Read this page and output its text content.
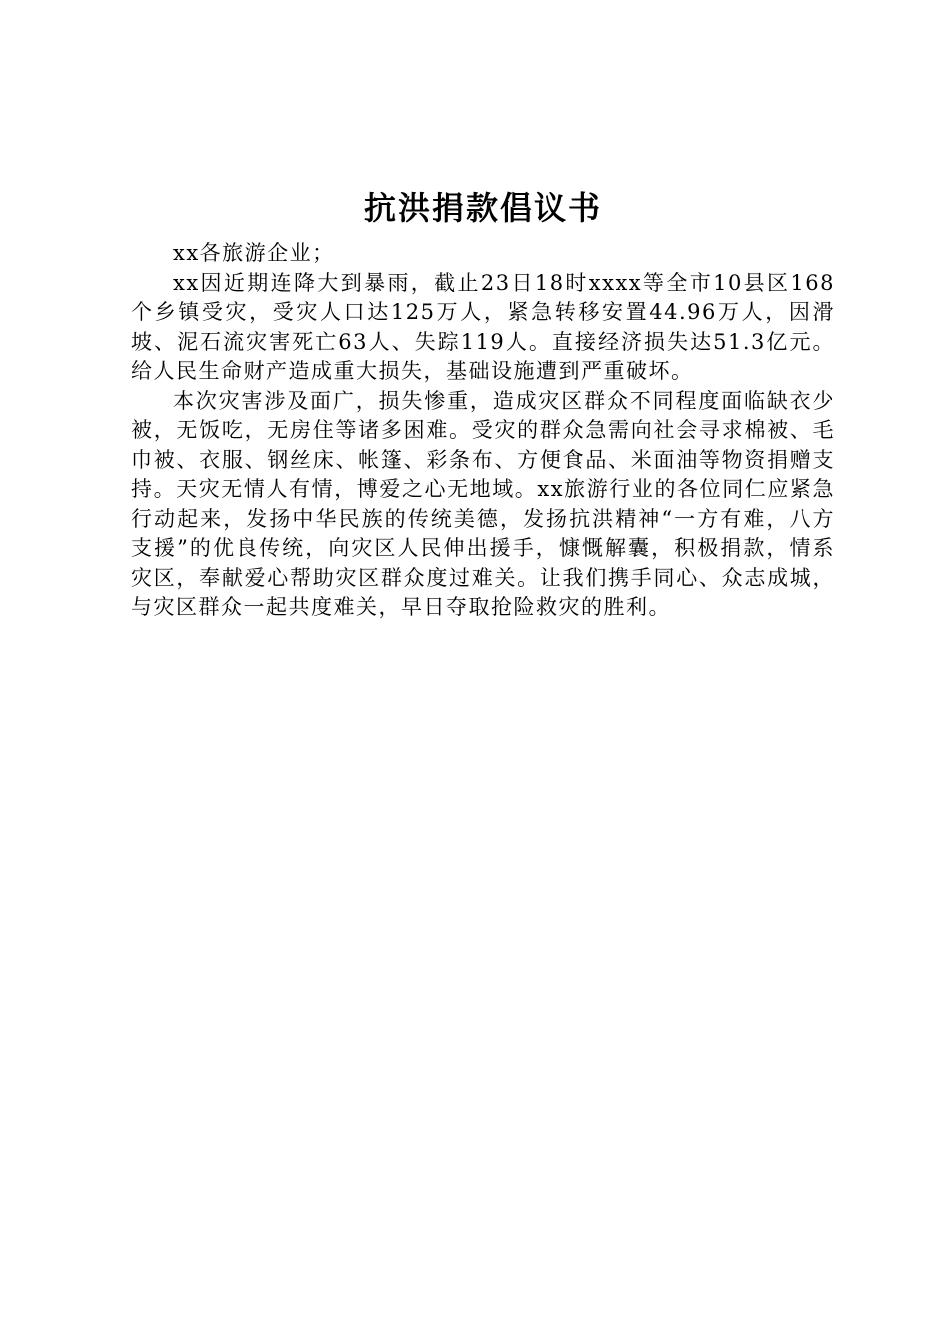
抗洪捐款倡议书

xx各旅游企业；

xx因近期连降大到暴雨，截止23日18时xxxx等全市10县区168个乡镇受灾，受灾人口达125万人，紧急转移安置44.96万人，因滑坡、泥石流灾害死亡63人、失踪119人。直接经济损失达51.3亿元。给人民生命财产造成重大损失，基础设施遭到严重破坏。

本次灾害涉及面广，损失惨重，造成灾区群众不同程度面临缺衣少被，无饭吃，无房住等诸多困难。受灾的群众急需向社会寻求棉被、毛巾被、衣服、钢丝床、帐篷、彩条布、方便食品、米面油等物资捐赠支持。天灾无情人有情，博爱之心无地域。xx旅游行业的各位同仁应紧急行动起来，发扬中华民族的传统美德，发扬抗洪精神“一方有难，八方支援”的优良传统，向灾区人民伸出援手，慷慨解囊，积极捐款，情系灾区，奉献爱心帮助灾区群众度过难关。让我们携手同心、众志成城，与灾区群众一起共度难关，早日夺取抢险救灾的胜利。
